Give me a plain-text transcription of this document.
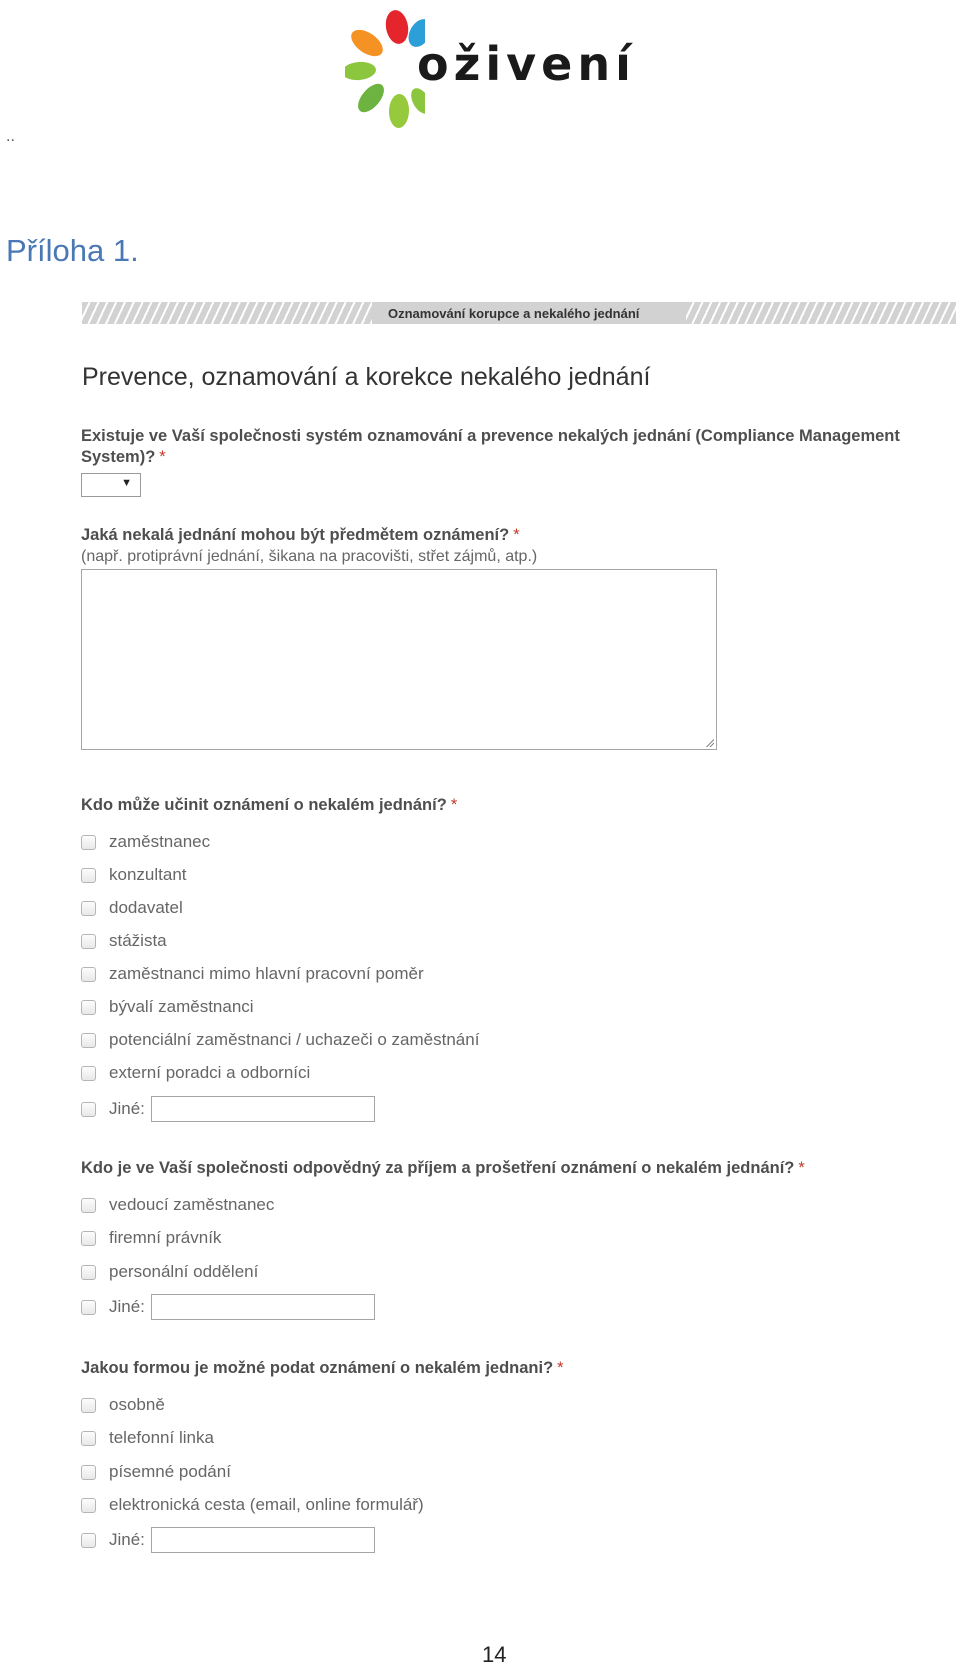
oživení
..
Příloha 1.
Oznamování korupce a nekalého jednání
Prevence, oznamování a korekce nekalého jednání
Existuje ve Vaší společnosti systém oznamování a prevence nekalých jednání (Compliance Management System)? *
▼
Jaká nekalá jednání mohou být předmětem oznámení? *
(např. protiprávní jednání, šikana na pracovišti, střet zájmů, atp.)
Kdo může učinit oznámení o nekalém jednání? *
zaměstnanec
konzultant
dodavatel
stážista
zaměstnanci mimo hlavní pracovní poměr
bývalí zaměstnanci
potenciální zaměstnanci / uchazeči o zaměstnání
externí poradci a odborníci
Jiné:
Kdo je ve Vaší společnosti odpovědný za příjem a prošetření oznámení o nekalém jednání? *
vedoucí zaměstnanec
firemní právník
personální oddělení
Jiné:
Jakou formou je možné podat oznámení o nekalém jednani? *
osobně
telefonní linka
písemné podání
elektronická cesta (email, online formulář)
Jiné:
14
